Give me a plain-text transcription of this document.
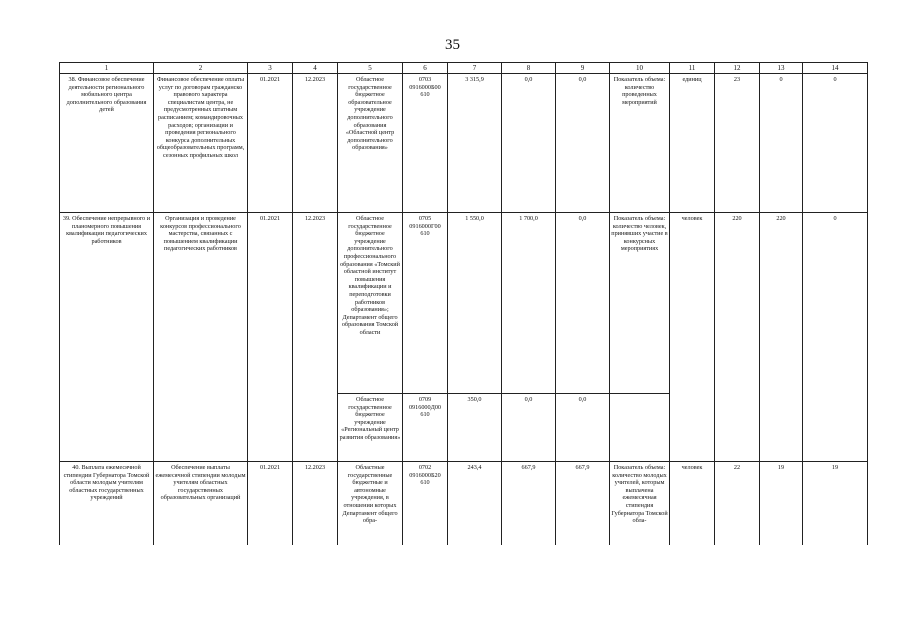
35
1	2	3	4	5	6	7	8	9	10	11	12	13	14
38. Финансовое обеспечение деятельности регионального мобильного центра дополнительного образования детей	Финансовое обеспечение оплаты услуг по договорам гражданско правового характера специалистам центра, не предусмотренных штатным расписанием; командировочных расходов; организации и проведения регионального конкурса дополнительных общеобразовательных программ, сезонных профильных школ	01.2021	12.2023	Областное государственное бюджетное образовательное учреждение дополнительного образования «Областной центр дополнительного образования»	0703 0916000Б00 610	3 315,9	0,0	0,0	Показатель объема: количество проведенных мероприятий	единиц	23	0	0
39. Обеспечение непрерывного и планомерного повышения квалификации педагогических работников	Организация и проведение конкурсов профессионального мастерства, связанных с повышением квалификации педагогических работников	01.2021	12.2023	Областное государственное бюджетное учреждение дополнительного профессионального образования «Томский областной институт повышения квалификации и переподготовки работников образования»; Департамент общего образования Томской области	0705 0916000Г00 610	1 550,0	1 700,0	0,0	Показатель объема: количество человек, принявших участие в конкурсных мероприятиях	человек	220	220	0
				Областное государственное бюджетное учреждение «Региональный центр развития образования»	0709 0916000Д00 610	350,0	0,0	0,0					
40. Выплата ежемесячной стипендии Губернатора Томской области молодым учителям областных государственных учреждений	Обеспечение выплаты ежемесячной стипендии молодым учителям областных государственных образовательных организаций	01.2021	12.2023	Областные государственные бюджетные и автономные учреждения, в отношении которых Департамент общего обра-	0702 0916000Б20 610	243,4	667,9	667,9	Показатель объема: количество молодых учителей, которым выплачена ежемесячная стипендия Губернатора Томской обла-	человек	22	19	19
